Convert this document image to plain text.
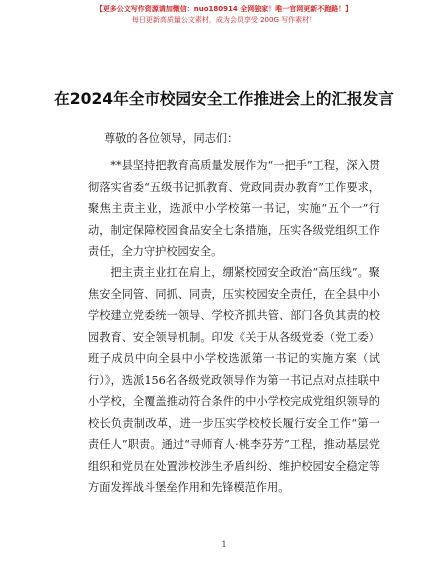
【更多公文写作资源请加微信：nuo180914 全网独家！唯一官网更新不跑路！】
每日更新高质量公文素材，成为会员享受 200G 写作素材！
在2024年全市校园安全工作推进会上的汇报发言
尊敬的各位领导，同志们：
**县坚持把教育高质量发展作为“一把手”工程，深入贯彻落实省委“五级书记抓教育、党政同责办教育”工作要求，聚焦主责主业，选派中小学校第一书记，实施“五个一”行动，制定保障校园食品安全七条措施，压实各级党组织工作责任，全力守护校园安全。
把主责主业扛在肩上，绷紧校园安全政治“高压线”。聚焦安全同管、同抓、同责，压实校园安全责任，在全县中小学校建立党委统一领导、学校齐抓共管、部门各负其责的校园教育、安全领导机制。印发《关于从各级党委（党工委）班子成员中向全县中小学校选派第一书记的实施方案（试行）》，选派156名各级党政领导作为第一书记点对点挂联中小学校，全覆盖推动符合条件的中小学校完成党组织领导的校长负责制改革，进一步压实学校校长履行安全工作“第一责任人”职责。通过“寻师育人·桃李芬芳”工程，推动基层党组织和党员在处置涉校涉生矛盾纠纷、维护校园安全稳定等方面发挥战斗堡垒作用和先锋模范作用。
1
